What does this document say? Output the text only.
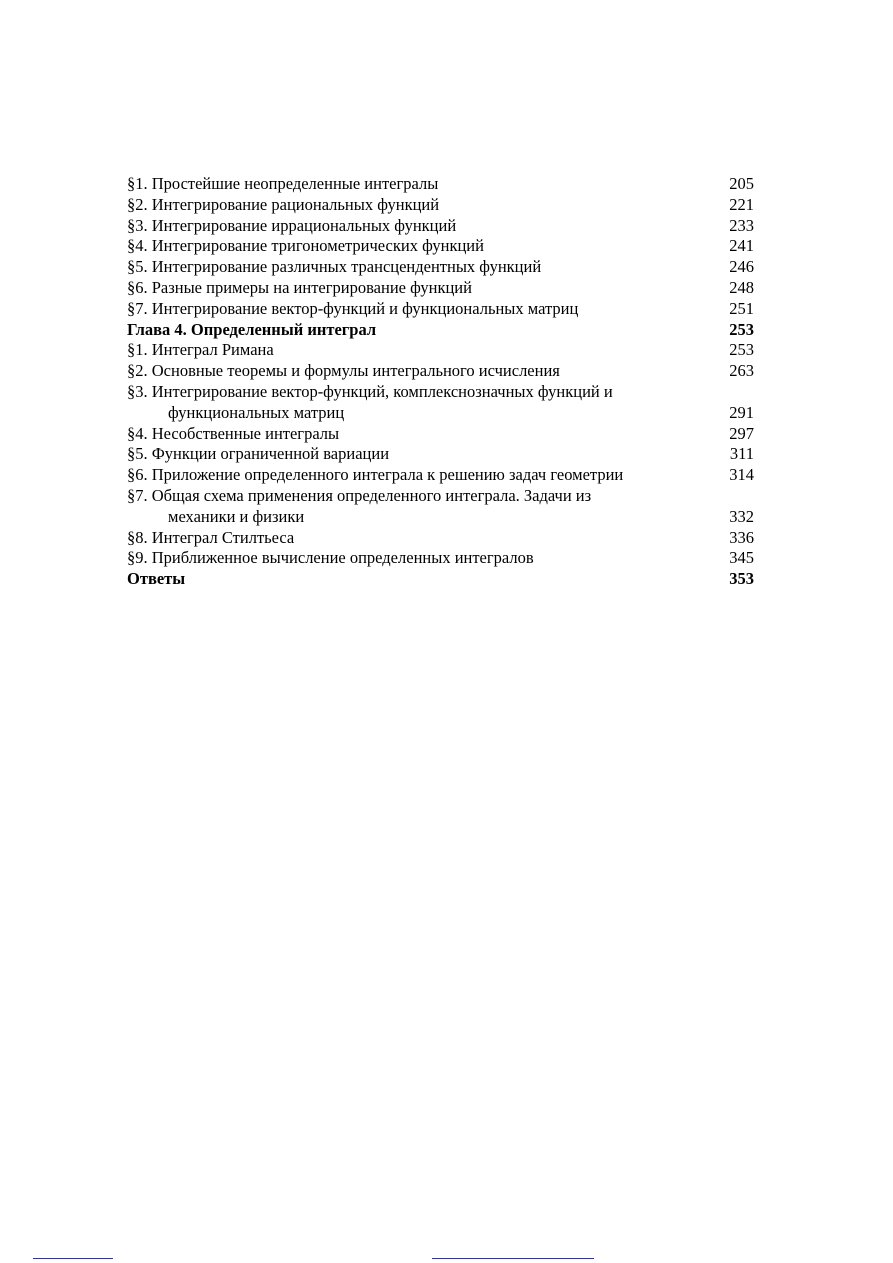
§1. Простейшие неопределенные интегралы	205
§2. Интегрирование рациональных функций	221
§3. Интегрирование иррациональных функций	233
§4. Интегрирование тригонометрических функций	241
§5. Интегрирование различных трансцендентных функций	246
§6. Разные примеры на интегрирование функций	248
§7. Интегрирование вектор-функций и функциональных матриц	251
Глава 4. Определенный интеграл	253
§1. Интеграл Римана	253
§2. Основные теоремы и формулы интегрального исчисления	263
§3. Интегрирование вектор-функций, комплекснозначных функций и
функциональных матриц	291
§4. Несобственные интегралы	297
§5. Функции ограниченной вариации	311
§6. Приложение определенного интеграла к решению задач геометрии	314
§7. Общая схема применения определенного интеграла. Задачи из
механики и физики	332
§8. Интеграл Стилтьеса	336
§9. Приближенное вычисление определенных интегралов	345
Ответы	353
